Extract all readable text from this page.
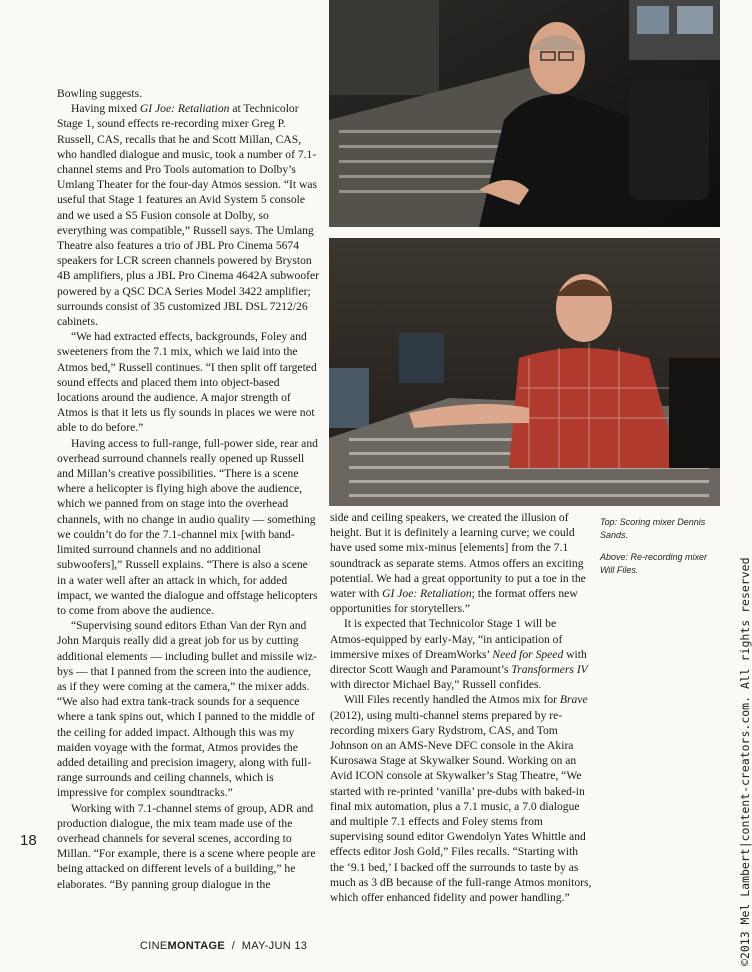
Bowling suggests.

Having mixed GI Joe: Retaliation at Technicolor Stage 1, sound effects re-recording mixer Greg P. Russell, CAS, recalls that he and Scott Millan, CAS, who handled dialogue and music, took a number of 7.1-channel stems and Pro Tools automation to Dolby’s Umlang Theater for the four-day Atmos session. “It was useful that Stage 1 features an Avid System 5 console and we used a S5 Fusion console at Dolby, so everything was compatible,” Russell says. The Umlang Theatre also features a trio of JBL Pro Cinema 5674 speakers for LCR screen channels powered by Bryston 4B amplifiers, plus a JBL Pro Cinema 4642A subwoofer powered by a QSC DCA Series Model 3422 amplifier; surrounds consist of 35 customized JBL DSL 7212/26 cabinets.

“We had extracted effects, backgrounds, Foley and sweeteners from the 7.1 mix, which we laid into the Atmos bed,” Russell continues. “I then split off targeted sound effects and placed them into object-based locations around the audience. A major strength of Atmos is that it lets us fly sounds in places we were not able to do before.”

Having access to full-range, full-power side, rear and overhead surround channels really opened up Russell and Millan’s creative possibilities. “There is a scene where a helicopter is flying high above the audience, which we panned from on stage into the overhead channels, with no change in audio quality — something we couldn’t do for the 7.1-channel mix [with band-limited surround channels and no additional subwoofers],” Russell explains. “There is also a scene in a water well after an attack in which, for added impact, we wanted the dialogue and offstage helicopters to come from above the audience.

“Supervising sound editors Ethan Van der Ryn and John Marquis really did a great job for us by cutting additional elements — including bullet and missile wiz-bys — that I panned from the screen into the audience, as if they were coming at the camera,” the mixer adds. “We also had extra tank-track sounds for a sequence where a tank spins out, which I panned to the middle of the ceiling for added impact. Although this was my maiden voyage with the format, Atmos provides the added detailing and precision imagery, along with full-range surrounds and ceiling channels, which is impressive for complex soundtracks.”

Working with 7.1-channel stems of group, ADR and production dialogue, the mix team made use of the overhead channels for several scenes, according to Millan. “For example, there is a scene where people are being attacked on different levels of a building,” he elaborates. “By panning group dialogue in the

side and ceiling speakers, we created the illusion of height. But it is definitely a learning curve; we could have used some mix-minus [elements] from the 7.1 soundtrack as separate stems. Atmos offers an exciting potential. We had a great opportunity to put a toe in the water with GI Joe: Retaliation; the format offers new opportunities for storytellers.”

It is expected that Technicolor Stage 1 will be Atmos-equipped by early-May, “in anticipation of immersive mixes of DreamWorks’ Need for Speed with director Scott Waugh and Paramount’s Transformers IV with director Michael Bay,” Russell confides.

Will Files recently handled the Atmos mix for Brave (2012), using multi-channel stems prepared by re-recording mixers Gary Rydstrom, CAS, and Tom Johnson on an AMS-Neve DFC console in the Akira Kurosawa Stage at Skywalker Sound. Working on an Avid ICON console at Skywalker’s Stag Theatre, “We started with re-printed ‘vanilla’ pre-dubs with baked-in final mix automation, plus a 7.1 music, a 7.0 dialogue and multiple 7.1 effects and Foley stems from supervising sound editor Gwendolyn Yates Whittle and effects editor Josh Gold,” Files recalls. “Starting with the ‘9.1 bed,’ I backed off the surrounds to taste by as much as 3 dB because of the full-range Atmos monitors, which offer enhanced fidelity and power handling.”

Top: Scoring mixer Dennis Sands.
Above: Re-recording mixer Will Files.
18
CINEMONTAGE / MAY-JUN 13	©2013 Mel Lambert|content-creators.com. All rights reserved
